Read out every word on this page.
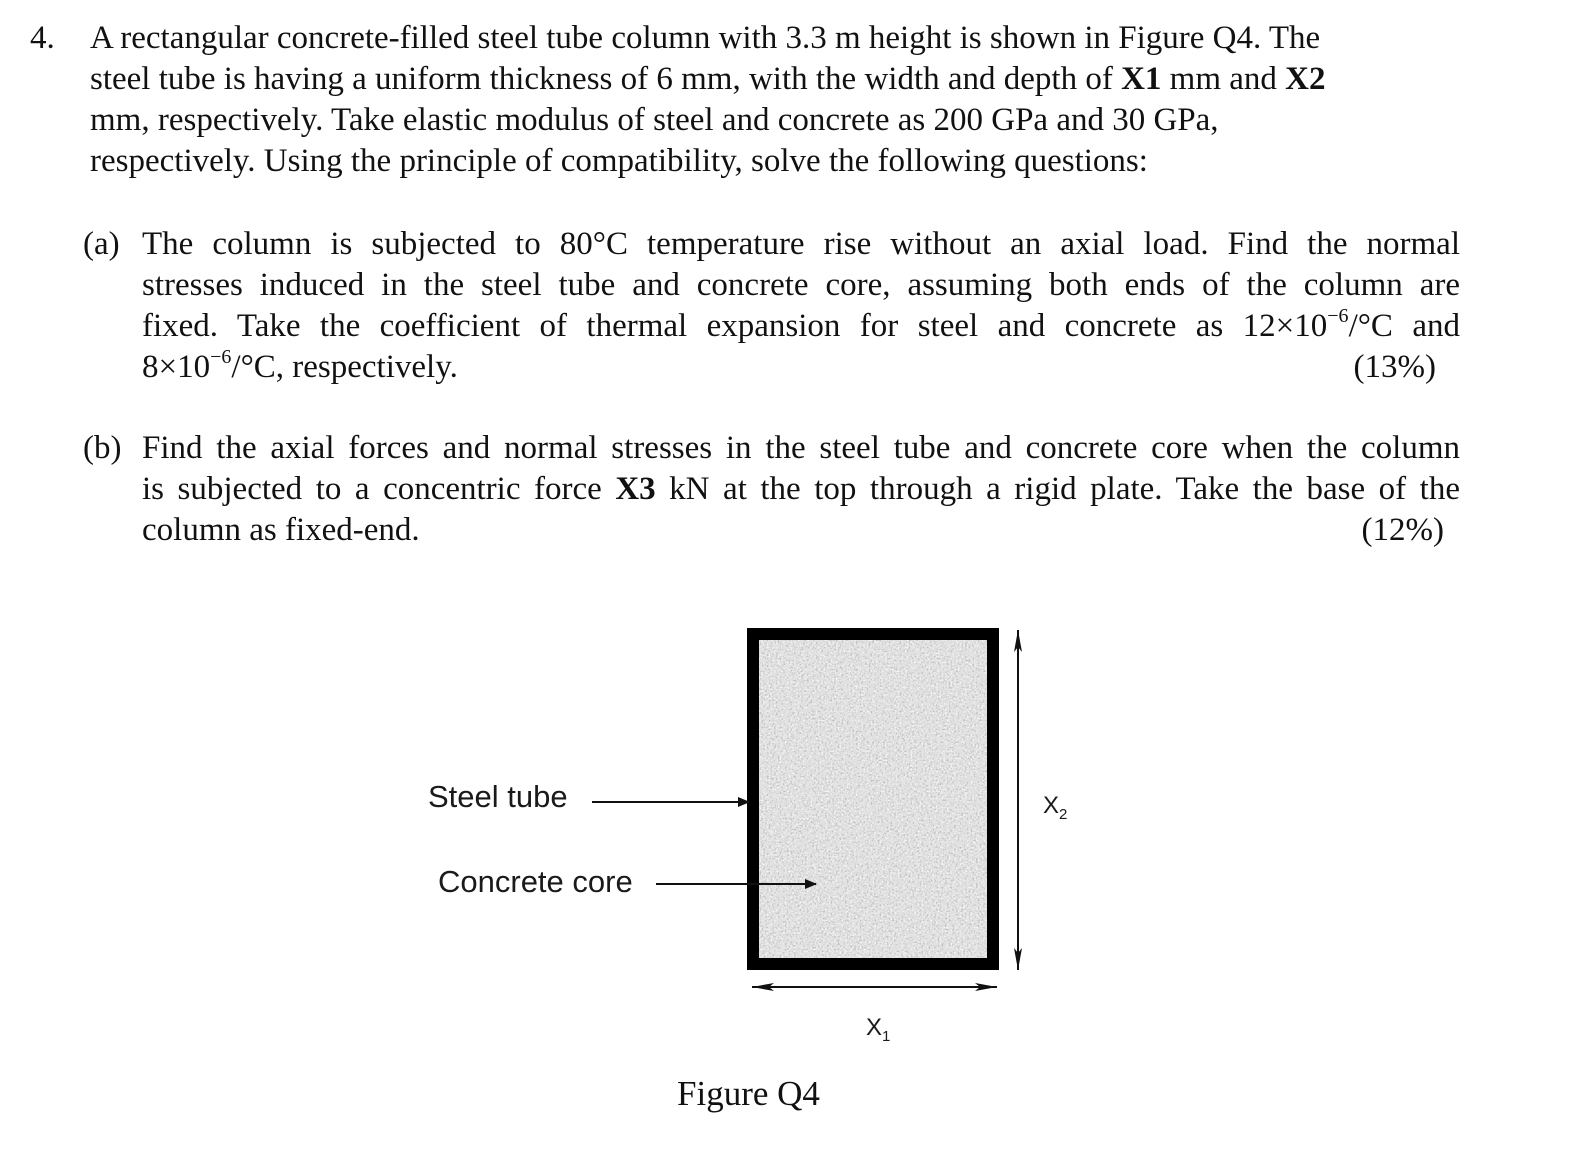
4. A rectangular concrete-filled steel tube column with 3.3 m height is shown in Figure Q4. The
steel tube is having a uniform thickness of 6 mm, with the width and depth of X1 mm and X2
mm, respectively. Take elastic modulus of steel and concrete as 200 GPa and 30 GPa,
respectively. Using the principle of compatibility, solve the following questions:
(a) The column is subjected to 80°C temperature rise without an axial load. Find the normal
stresses induced in the steel tube and concrete core, assuming both ends of the column are
fixed. Take the coefficient of thermal expansion for steel and concrete as $12\times 10^{-6}/^\circ C$ and
$8\times 10^{-6}/^\circ C$, respectively.	(13%)
(b) Find the axial forces and normal stresses in the steel tube and concrete core when the column
is subjected to a concentric force X3 kN at the top through a rigid plate. Take the base of the
column as fixed-end.	(12%)
Steel tube
Concrete core
$X_1$
$X_2$
Figure Q4
